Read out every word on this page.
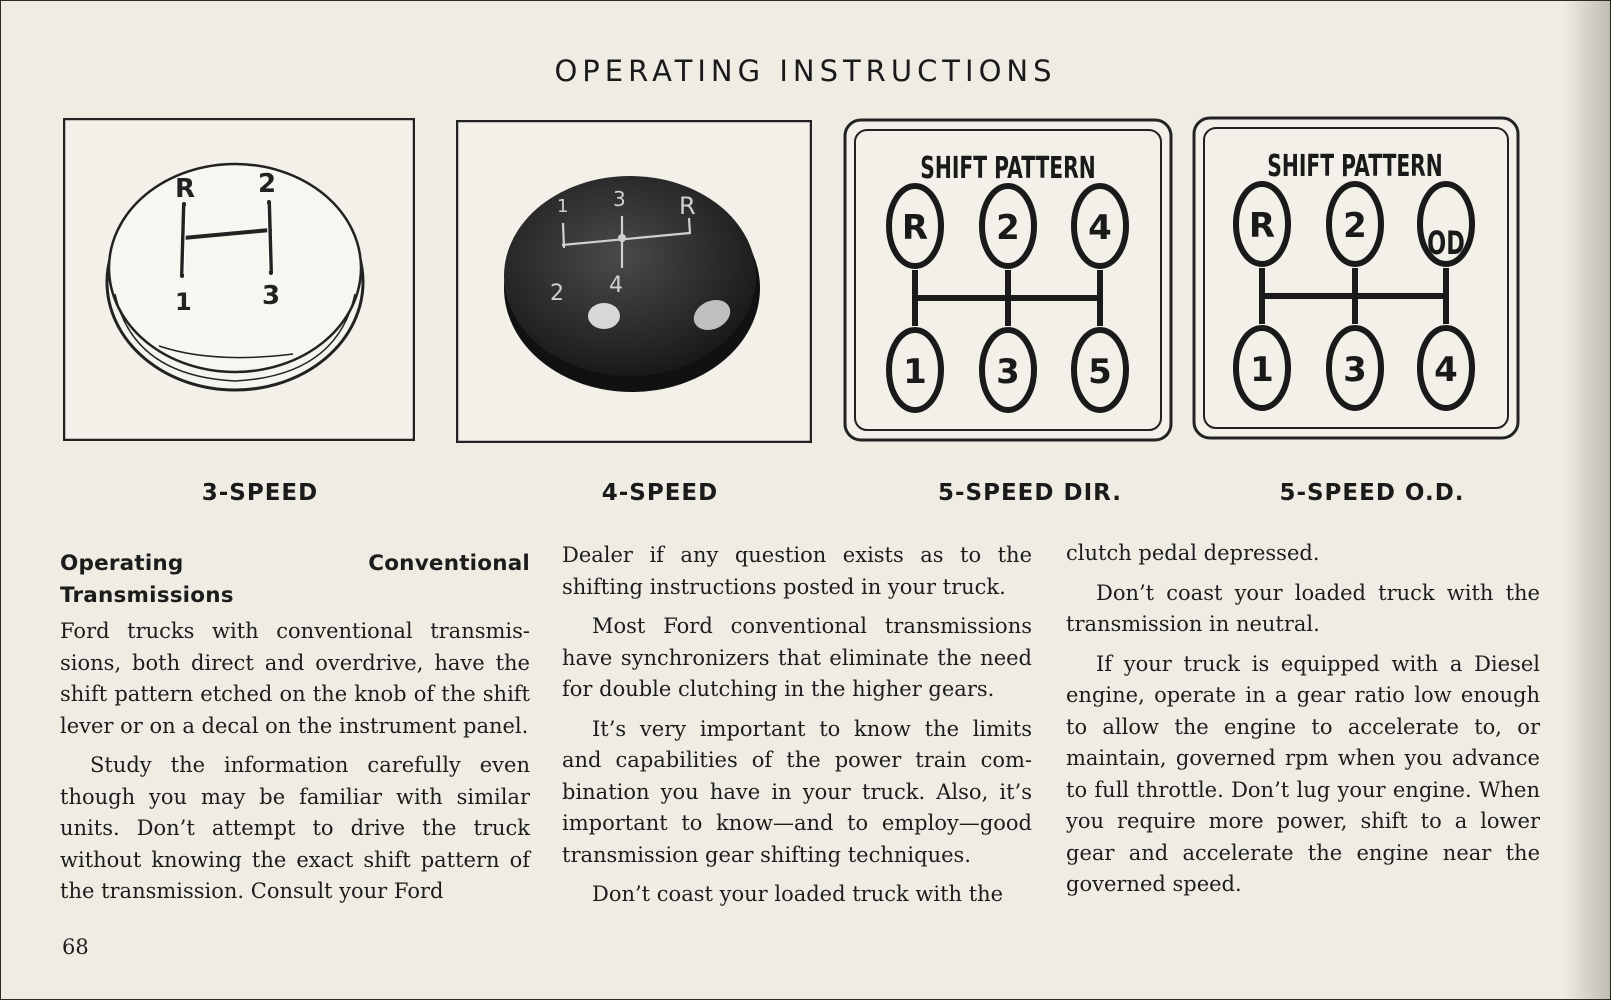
OPERATING INSTRUCTIONS
R 2
1	3
1 3 R
2 4
SHIFT PATTERN
R 2 4
1 3 5
SHIFT PATTERN
R 2 OD
1 3 4
3-SPEED	4-SPEED	5-SPEED DIR.	5-SPEED O.D.
Operating Conventional Transmissions

Ford trucks with conventional transmis-sions, both direct and overdrive, have the shift pattern etched on the knob of the shift lever or on a decal on the instrument panel.

Study the information carefully even though you may be familiar with similar units. Don’t attempt to drive the truck without knowing the exact shift pattern of the transmission. Consult your Ford

Dealer if any question exists as to the shifting instructions posted in your truck.

Most Ford conventional transmissions have synchronizers that eliminate the need for double clutching in the higher gears.

It’s very important to know the limits and capabilities of the power train com-bination you have in your truck. Also, it’s important to know—and to employ—good transmission gear shifting techniques.

Don’t coast your loaded truck with the

clutch pedal depressed.

Don’t coast your loaded truck with the transmission in neutral.

If your truck is equipped with a Diesel engine, operate in a gear ratio low enough to allow the engine to accelerate to, or maintain, governed rpm when you advance to full throttle. Don’t lug your engine. When you require more power, shift to a lower gear and accelerate the engine near the governed speed.

68
